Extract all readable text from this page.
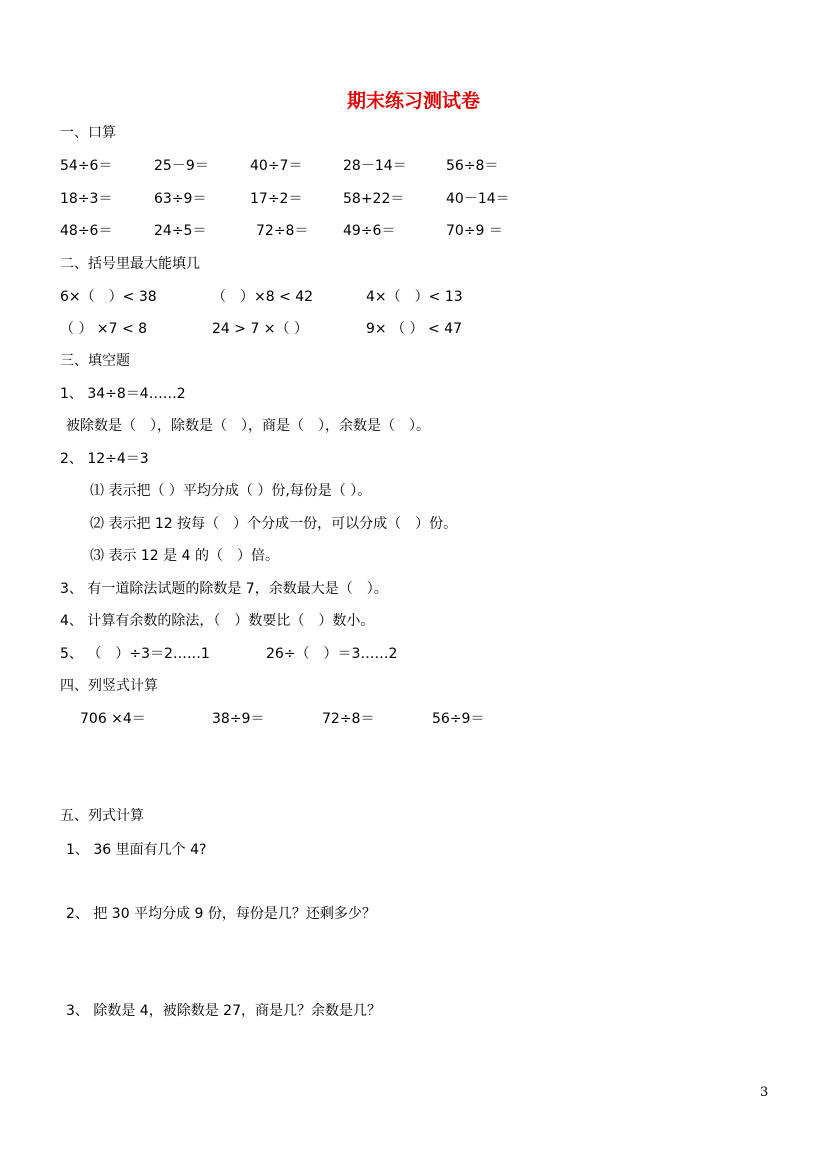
期末练习测试卷
一、口算
54÷6＝	25－9＝	40÷7＝	28－14＝	56÷8＝
18÷3＝	63÷9＝	17÷2＝	58+22＝	40－14＝
48÷6＝	24÷5＝	72÷8＝ 49÷6＝	70÷9 ＝
二、括号里最大能填几
6×（　）< 38	（　）×8 < 42	4×（　）< 13
（ ） ×7 < 8	24 > 7 ×（ ）	9× （ ） < 47
三、填空题
1、 34÷8＝4……2
被除数是（　），除数是（　），商是（　），余数是（　）。
2、 12÷4＝3
⑴ 表示把（ ）平均分成（ ）份,每份是（ ）。
⑵ 表示把 12 按每（　）个分成一份，可以分成（　）份。
⑶ 表示 12 是 4 的（　）倍。
3、 有一道除法试题的除数是 7，余数最大是（　）。
4、 计算有余数的除法，（　）数要比（　）数小。
5、 （　）÷3＝2……1	26÷（　）＝3……2
四、列竖式计算
706 ×4＝	38÷9＝	72÷8＝	56÷9＝
五、列式计算
1、 36 里面有几个 4?
2、 把 30 平均分成 9 份，每份是几？还剩多少？
3、 除数是 4，被除数是 27，商是几？余数是几？
3
